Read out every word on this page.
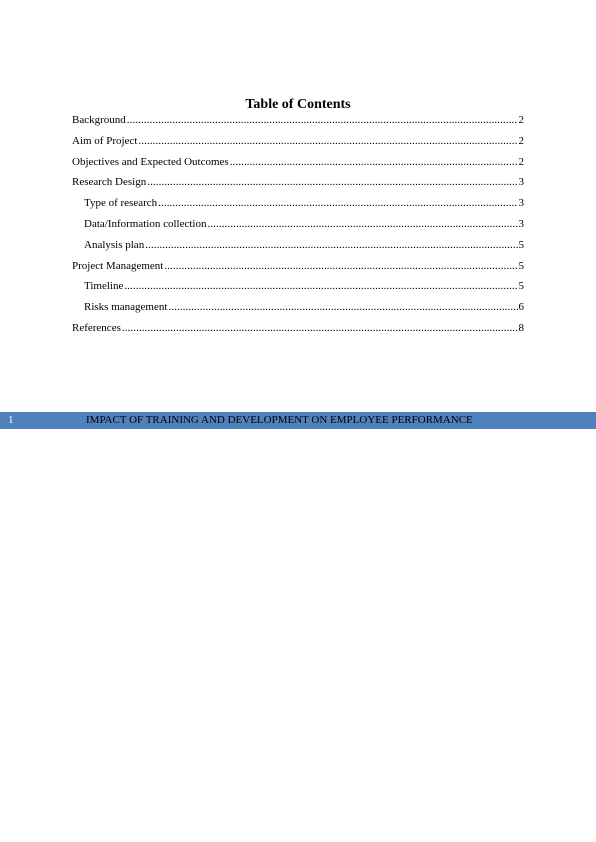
Table of Contents
Background .....	2
Aim of Project .....	2
Objectives and Expected Outcomes .....	2
Research Design .....	3
Type of research .....	3
Data/Information collection .....	3
Analysis plan .....	5
Project Management .....	5
Timeline .....	5
Risks management .....	6
References .....	8
1	IMPACT OF TRAINING AND DEVELOPMENT ON EMPLOYEE PERFORMANCE
